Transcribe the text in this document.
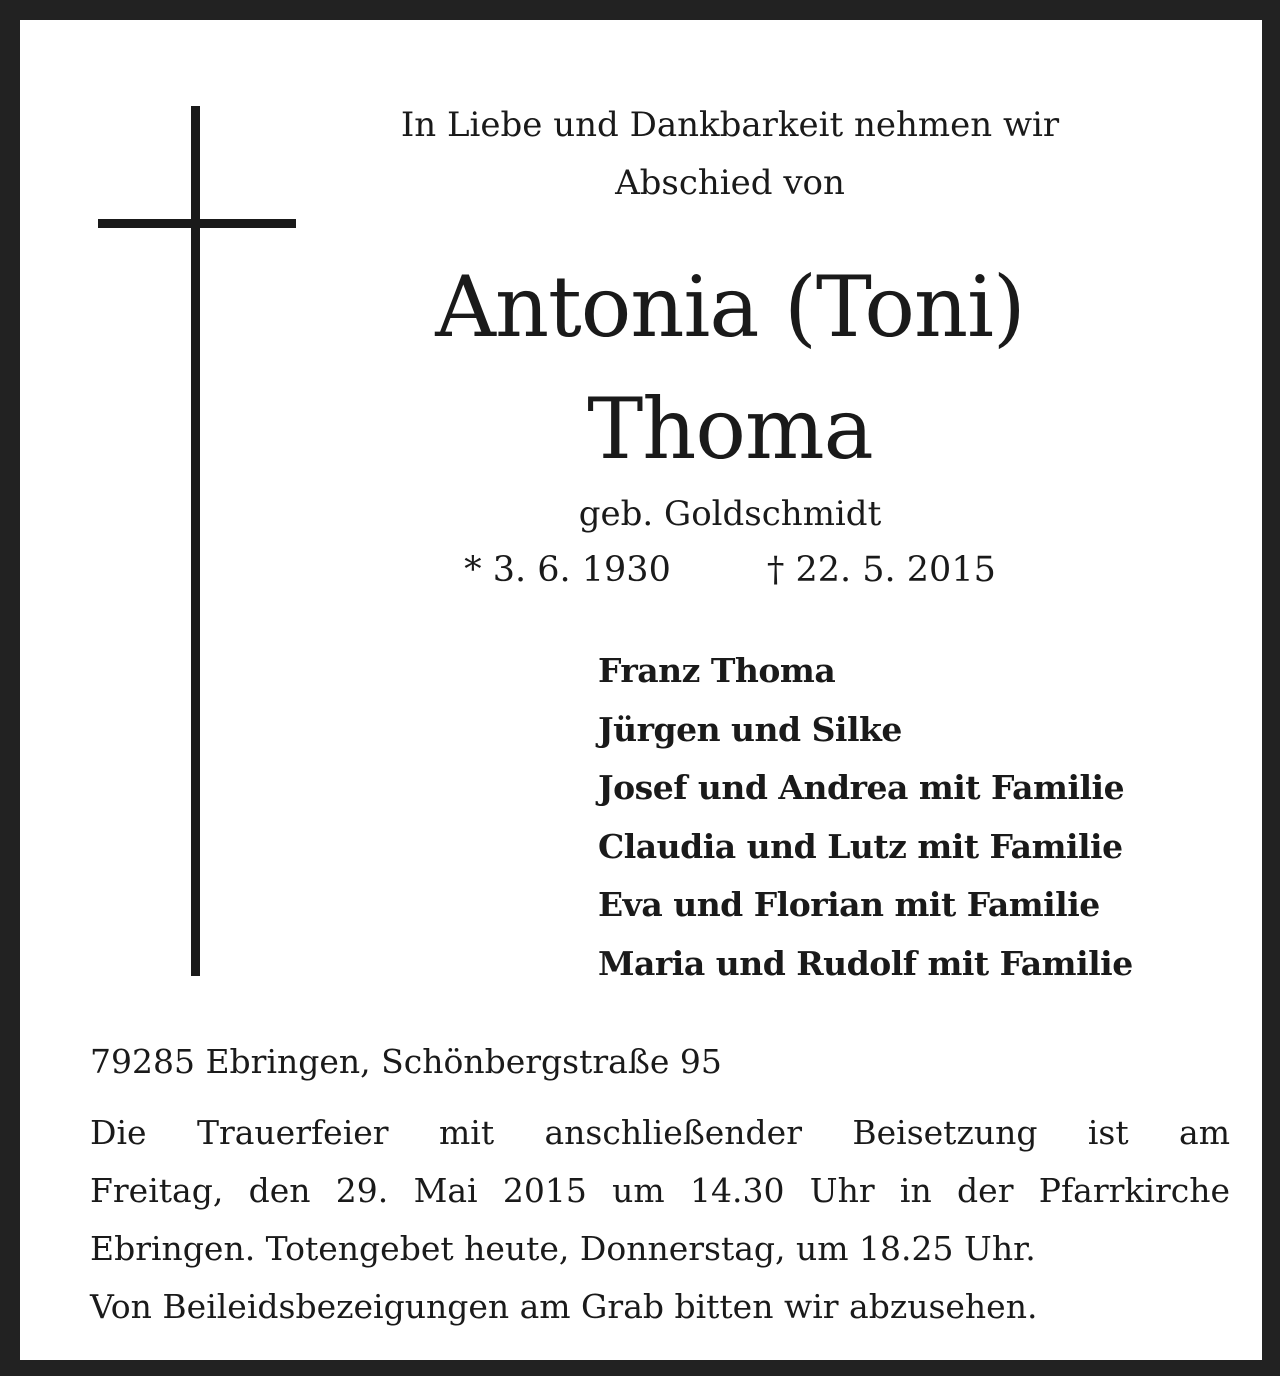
In Liebe und Dankbarkeit nehmen wir
Abschied von
Antonia (Toni)
Thoma
geb. Goldschmidt
* 3. 6. 1930	† 22. 5. 2015
Franz Thoma
Jürgen und Silke
Josef und Andrea mit Familie
Claudia und Lutz mit Familie
Eva und Florian mit Familie
Maria und Rudolf mit Familie
79285 Ebringen, Schönbergstraße 95
Die Trauerfeier mit anschließender Beisetzung ist am
Freitag, den 29. Mai 2015 um 14.30 Uhr in der Pfarrkirche
Ebringen. Totengebet heute, Donnerstag, um 18.25 Uhr.
Von Beileidsbezeigungen am Grab bitten wir abzusehen.
